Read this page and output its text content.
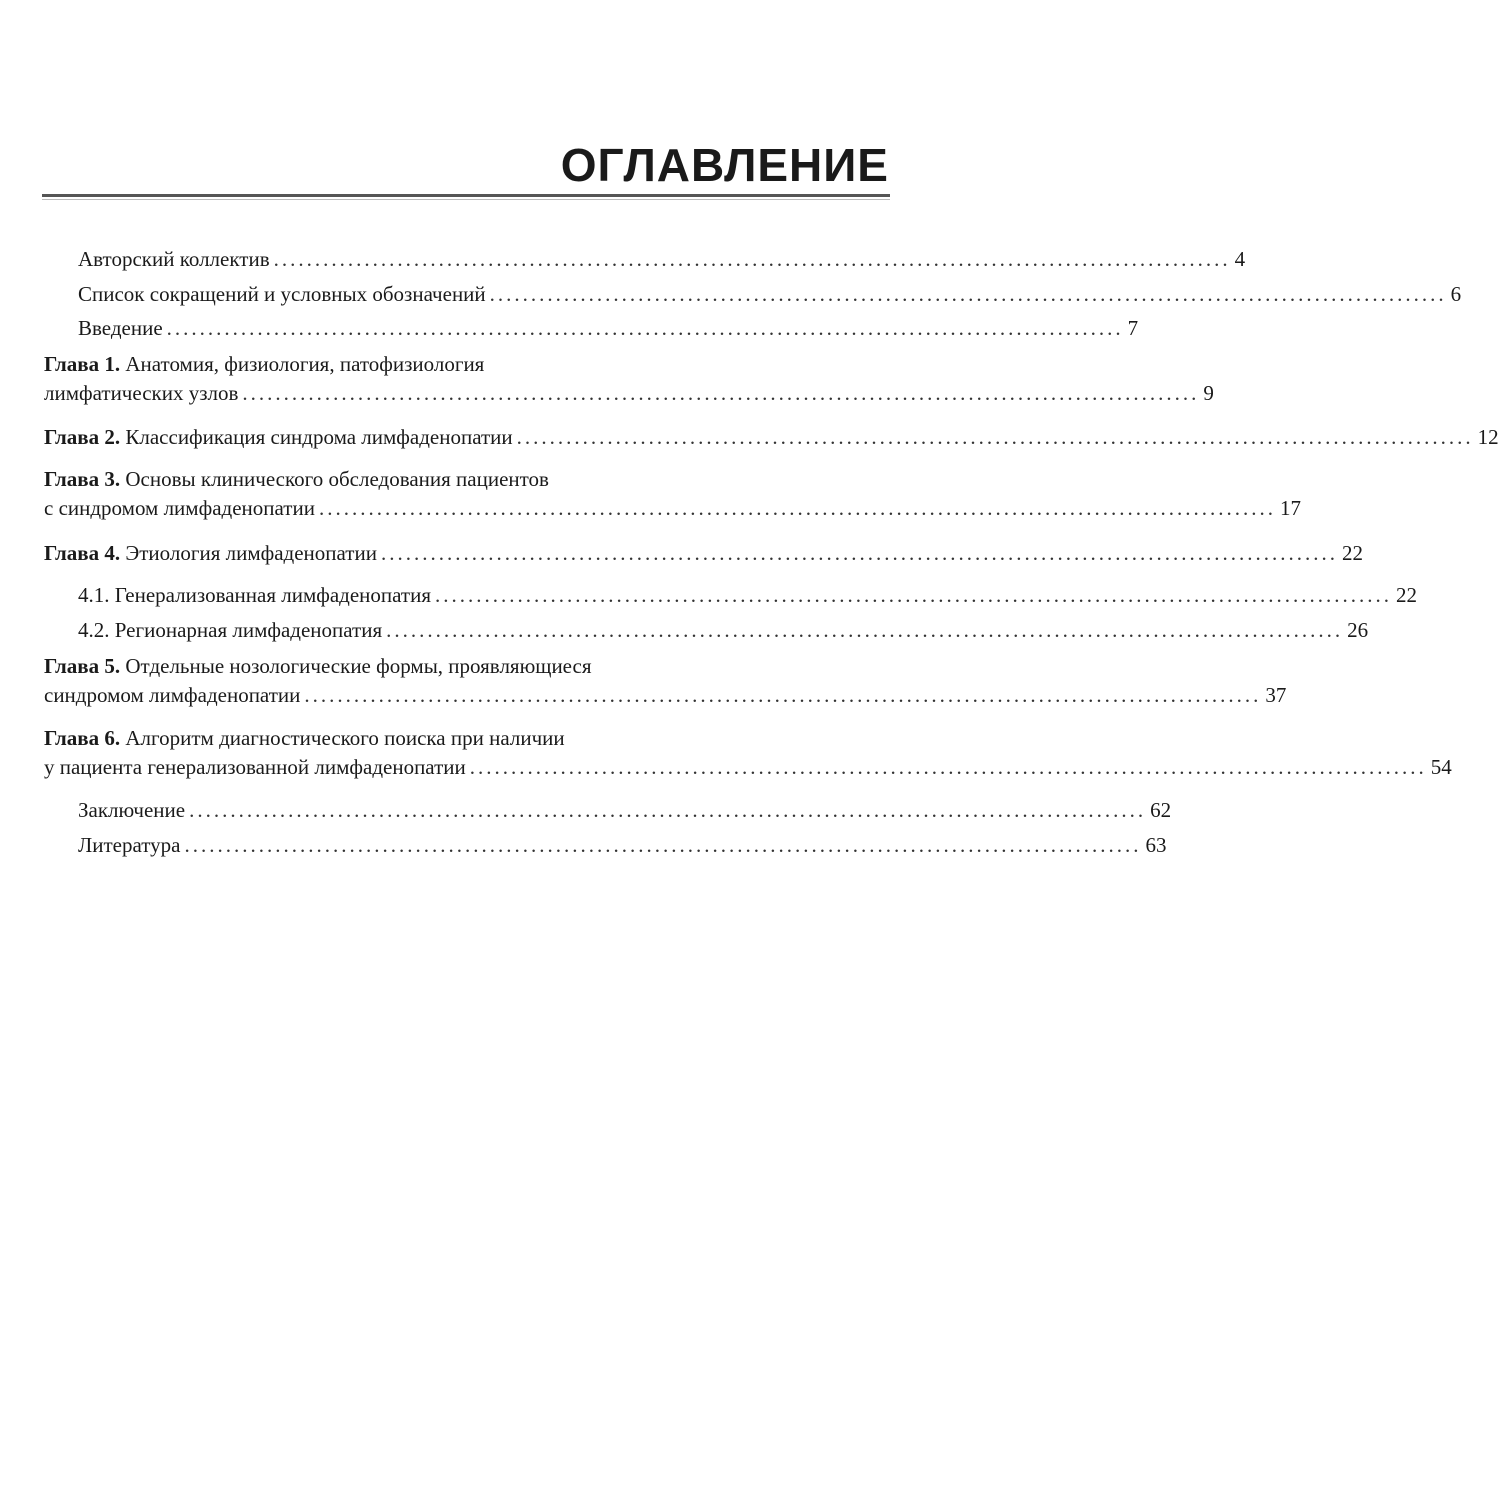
ОГЛАВЛЕНИЕ
Авторский коллектив .................................................................................................................... 4
Список сокращений и условных обозначений .................................................................................................................... 6
Введение .................................................................................................................... 7
Глава 1. Анатомия, физиология, патофизиология
лимфатических узлов .................................................................................................................... 9
Глава 2. Классификация синдрома лимфаденопатии .................................................................................................................... 12
Глава 3. Основы клинического обследования пациентов
с синдромом лимфаденопатии .................................................................................................................... 17
Глава 4. Этиология лимфаденопатии .................................................................................................................... 22
4.1. Генерализованная лимфаденопатия .................................................................................................................... 22
4.2. Регионарная лимфаденопатия .................................................................................................................... 26
Глава 5. Отдельные нозологические формы, проявляющиеся
синдромом лимфаденопатии .................................................................................................................... 37
Глава 6. Алгоритм диагностического поиска при наличии
у пациента генерализованной лимфаденопатии .................................................................................................................... 54
Заключение .................................................................................................................... 62
Литература .................................................................................................................... 63
